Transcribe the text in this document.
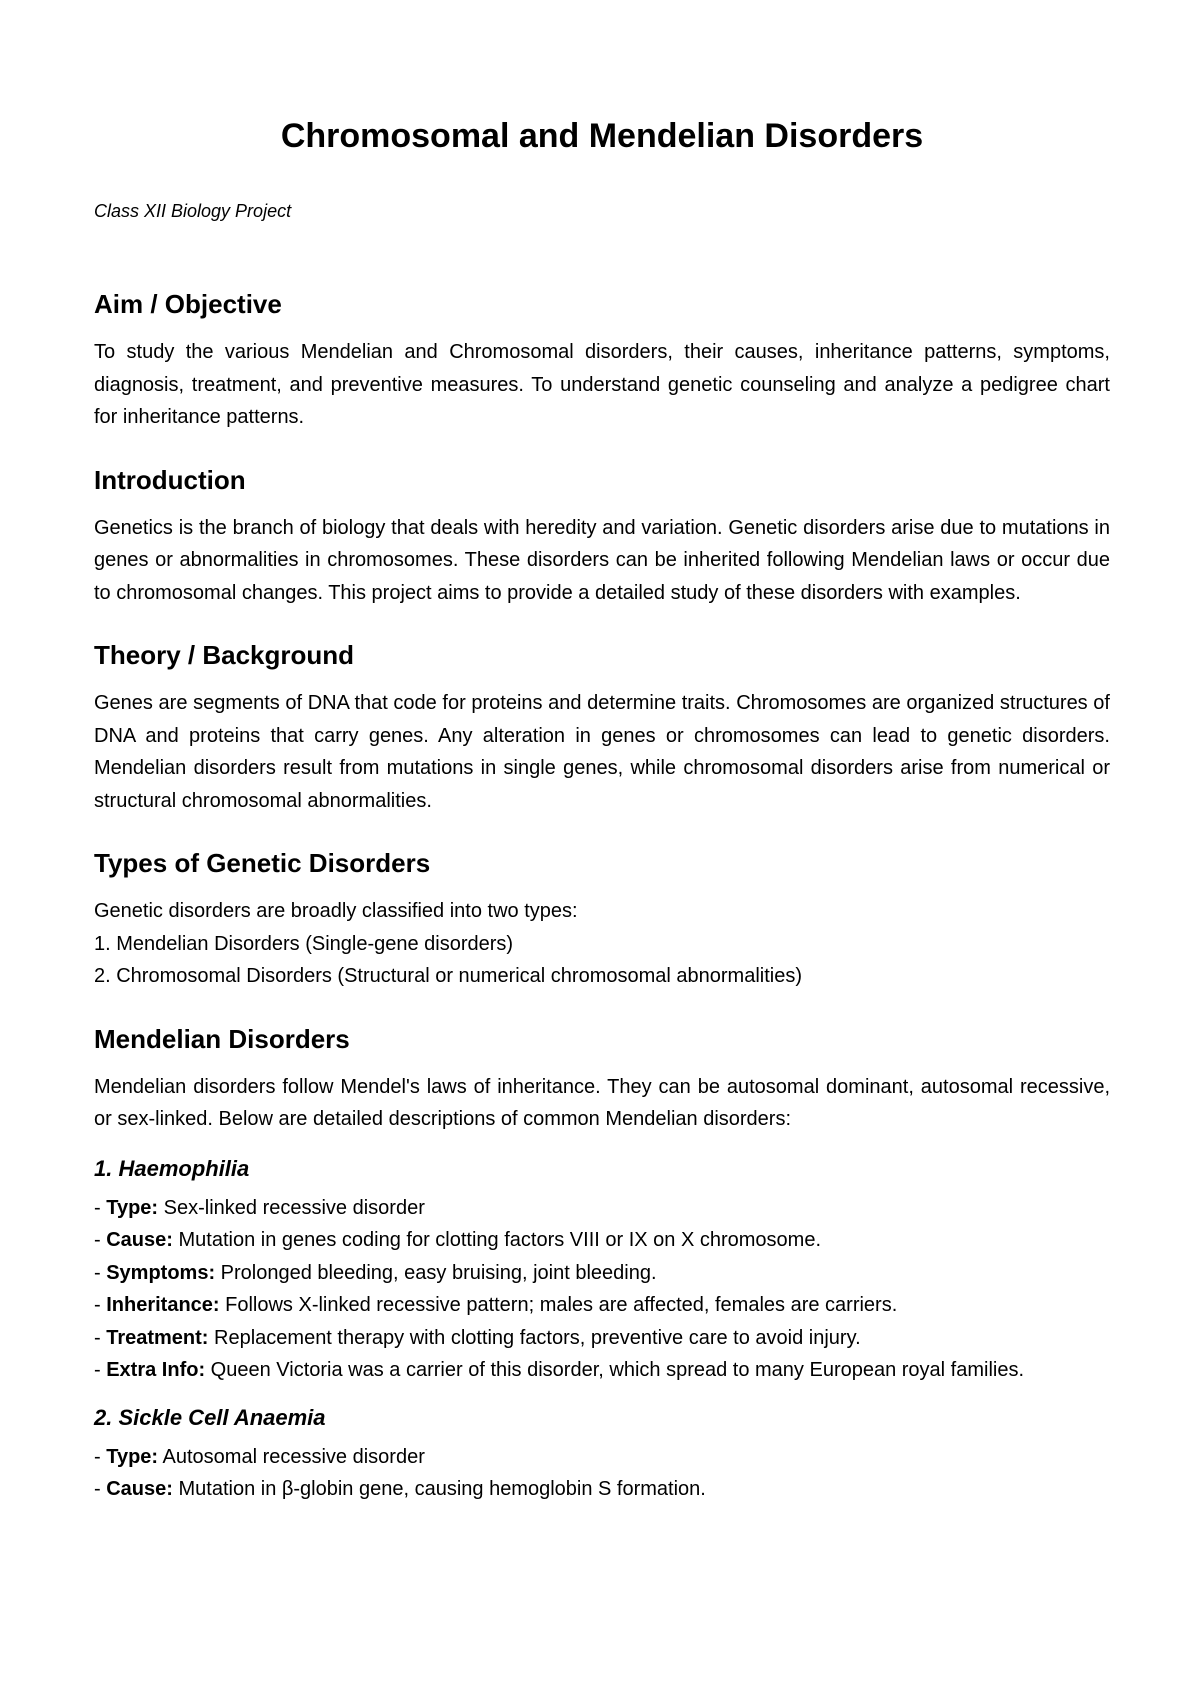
Chromosomal and Mendelian Disorders
Class XII Biology Project
Aim / Objective

To study the various Mendelian and Chromosomal disorders, their causes, inheritance patterns, symptoms, diagnosis, treatment, and preventive measures. To understand genetic counseling and analyze a pedigree chart for inheritance patterns.

Introduction

Genetics is the branch of biology that deals with heredity and variation. Genetic disorders arise due to mutations in genes or abnormalities in chromosomes. These disorders can be inherited following Mendelian laws or occur due to chromosomal changes. This project aims to provide a detailed study of these disorders with examples.

Theory / Background

Genes are segments of DNA that code for proteins and determine traits. Chromosomes are organized structures of DNA and proteins that carry genes. Any alteration in genes or chromosomes can lead to genetic disorders. Mendelian disorders result from mutations in single genes, while chromosomal disorders arise from numerical or structural chromosomal abnormalities.

Types of Genetic Disorders

Genetic disorders are broadly classified into two types:

1. Mendelian Disorders (Single-gene disorders)
2. Chromosomal Disorders (Structural or numerical chromosomal abnormalities)
Mendelian Disorders

Mendelian disorders follow Mendel's laws of inheritance. They can be autosomal dominant, autosomal recessive, or sex-linked. Below are detailed descriptions of common Mendelian disorders:

1. Haemophilia
- Type: Sex-linked recessive disorder
- Cause: Mutation in genes coding for clotting factors VIII or IX on X chromosome.
- Symptoms: Prolonged bleeding, easy bruising, joint bleeding.
- Inheritance: Follows X-linked recessive pattern; males are affected, females are carriers.
- Treatment: Replacement therapy with clotting factors, preventive care to avoid injury.
- Extra Info: Queen Victoria was a carrier of this disorder, which spread to many European royal families.
2. Sickle Cell Anaemia
- Type: Autosomal recessive disorder
- Cause: Mutation in β-globin gene, causing hemoglobin S formation.
